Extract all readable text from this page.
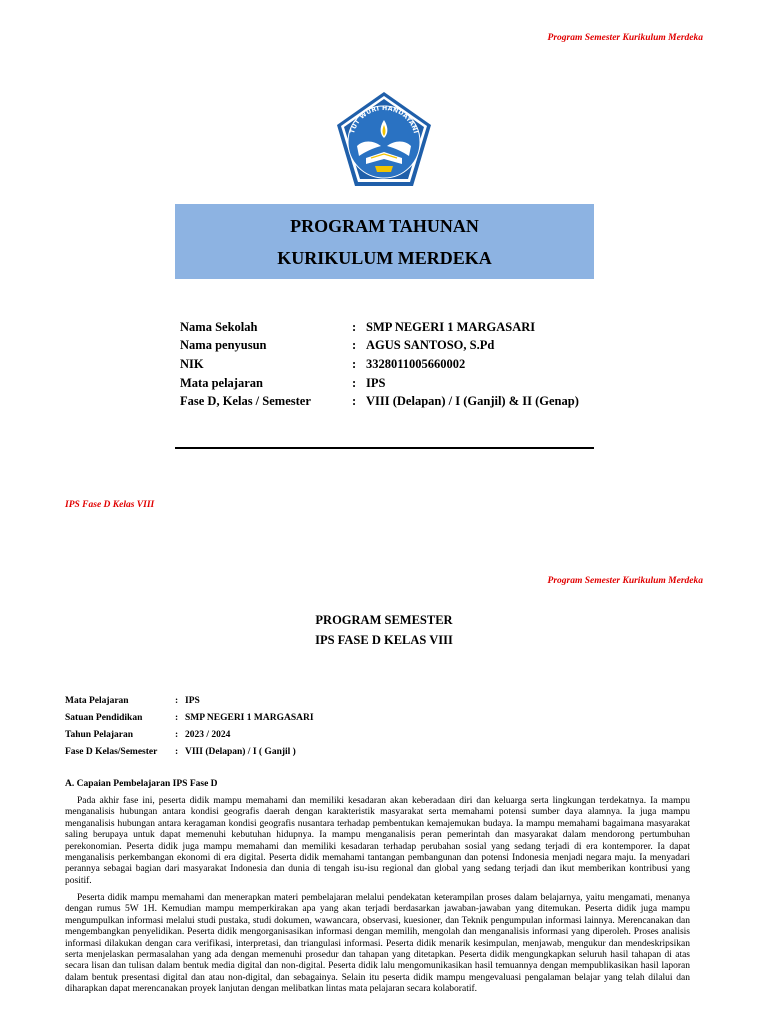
Program Semester Kurikulum Merdeka
TUT WURI HANDAYANI
PROGRAM TAHUNAN
KURIKULUM MERDEKA
Nama Sekolah	: SMP NEGERI 1 MARGASARI
Nama penyusun	: AGUS SANTOSO, S.Pd
NIK	: 3328011005660002
Mata pelajaran	: IPS
Fase D, Kelas / Semester	: VIII (Delapan) / I (Ganjil) & II (Genap)
IPS Fase D Kelas VIII
Program Semester Kurikulum Merdeka
PROGRAM SEMESTER
IPS FASE D KELAS VIII
Mata Pelajaran	: IPS
Satuan Pendidikan	: SMP NEGERI 1 MARGASARI
Tahun Pelajaran	: 2023 / 2024
Fase D Kelas/Semester	: VIII (Delapan) / I ( Ganjil )
A. Capaian Pembelajaran IPS Fase D

Pada akhir fase ini, peserta didik mampu memahami dan memiliki kesadaran akan keberadaan diri dan keluarga serta lingkungan terdekatnya. Ia mampu menganalisis hubungan antara kondisi geografis daerah dengan karakteristik masyarakat serta memahami potensi sumber daya alamnya. Ia juga mampu menganalisis hubungan antara keragaman kondisi geografis nusantara terhadap pembentukan kemajemukan budaya. Ia mampu memahami bagaimana masyarakat saling berupaya untuk dapat memenuhi kebutuhan hidupnya. Ia mampu menganalisis peran pemerintah dan masyarakat dalam mendorong pertumbuhan perekonomian. Peserta didik juga mampu memahami dan memiliki kesadaran terhadap perubahan sosial yang sedang terjadi di era kontemporer. Ia dapat menganalisis perkembangan ekonomi di era digital. Peserta didik memahami tantangan pembangunan dan potensi Indonesia menjadi negara maju. Ia menyadari perannya sebagai bagian dari masyarakat Indonesia dan dunia di tengah isu-isu regional dan global yang sedang terjadi dan ikut memberikan kontribusi yang positif.

Peserta didik mampu memahami dan menerapkan materi pembelajaran melalui pendekatan keterampilan proses dalam belajarnya, yaitu mengamati, menanya dengan rumus 5W 1H. Kemudian mampu memperkirakan apa yang akan terjadi berdasarkan jawaban-jawaban yang ditemukan. Peserta didik juga mampu mengumpulkan informasi melalui studi pustaka, studi dokumen, wawancara, observasi, kuesioner, dan Teknik pengumpulan informasi lainnya. Merencanakan dan mengembangkan penyelidikan. Peserta didik mengorganisasikan informasi dengan memilih, mengolah dan menganalisis informasi yang diperoleh. Proses analisis informasi dilakukan dengan cara verifikasi, interpretasi, dan triangulasi informasi. Peserta didik menarik kesimpulan, menjawab, mengukur dan mendeskripsikan serta menjelaskan permasalahan yang ada dengan memenuhi prosedur dan tahapan yang ditetapkan. Peserta didik mengungkapkan seluruh hasil tahapan di atas secara lisan dan tulisan dalam bentuk media digital dan non-digital. Peserta didik lalu mengomunikasikan hasil temuannya dengan mempublikasikan hasil laporan dalam bentuk presentasi digital dan atau non-digital, dan sebagainya. Selain itu peserta didik mampu mengevaluasi pengalaman belajar yang telah dilalui dan diharapkan dapat merencanakan proyek lanjutan dengan melibatkan lintas mata pelajaran secara kolaboratif.
